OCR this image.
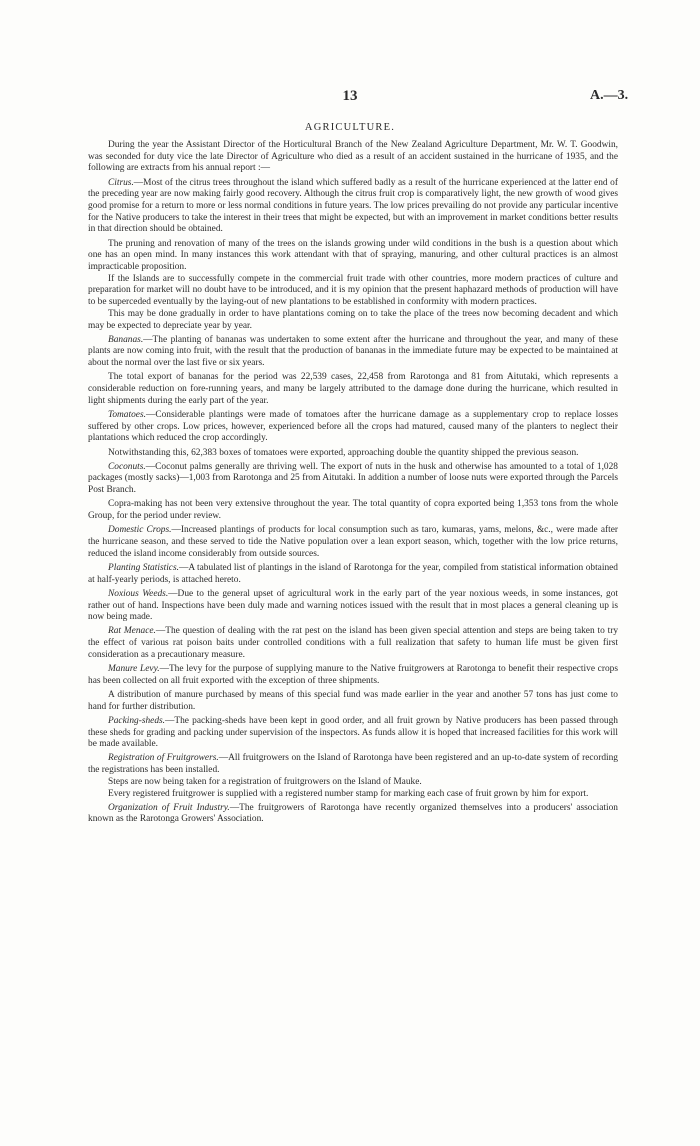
13	A.—3.
AGRICULTURE.

During the year the Assistant Director of the Horticultural Branch of the New Zealand Agriculture Department, Mr. W. T. Goodwin, was seconded for duty vice the late Director of Agriculture who died as a result of an accident sustained in the hurricane of 1935, and the following are extracts from his annual report :—

Citrus.—Most of the citrus trees throughout the island which suffered badly as a result of the hurricane experienced at the latter end of the preceding year are now making fairly good recovery. Although the citrus fruit crop is comparatively light, the new growth of wood gives good promise for a return to more or less normal conditions in future years. The low prices prevailing do not provide any particular incentive for the Native producers to take the interest in their trees that might be expected, but with an improvement in market conditions better results in that direction should be obtained.

The pruning and renovation of many of the trees on the islands growing under wild conditions in the bush is a question about which one has an open mind. In many instances this work attendant with that of spraying, manuring, and other cultural practices is an almost impracticable proposition.

If the Islands are to successfully compete in the commercial fruit trade with other countries, more modern practices of culture and preparation for market will no doubt have to be introduced, and it is my opinion that the present haphazard methods of production will have to be superceded eventually by the laying-out of new plantations to be established in conformity with modern practices.

This may be done gradually in order to have plantations coming on to take the place of the trees now becoming decadent and which may be expected to depreciate year by year.

Bananas.—The planting of bananas was undertaken to some extent after the hurricane and throughout the year, and many of these plants are now coming into fruit, with the result that the production of bananas in the immediate future may be expected to be maintained at about the normal over the last five or six years.

The total export of bananas for the period was 22,539 cases, 22,458 from Rarotonga and 81 from Aitutaki, which represents a considerable reduction on fore-running years, and many be largely attributed to the damage done during the hurricane, which resulted in light shipments during the early part of the year.

Tomatoes.—Considerable plantings were made of tomatoes after the hurricane damage as a supplementary crop to replace losses suffered by other crops. Low prices, however, experienced before all the crops had matured, caused many of the planters to neglect their plantations which reduced the crop accordingly.

Notwithstanding this, 62,383 boxes of tomatoes were exported, approaching double the quantity shipped the previous season.

Coconuts.—Coconut palms generally are thriving well. The export of nuts in the husk and otherwise has amounted to a total of 1,028 packages (mostly sacks)—1,003 from Rarotonga and 25 from Aitutaki. In addition a number of loose nuts were exported through the Parcels Post Branch.

Copra-making has not been very extensive throughout the year. The total quantity of copra exported being 1,353 tons from the whole Group, for the period under review.

Domestic Crops.—Increased plantings of products for local consumption such as taro, kumaras, yams, melons, &c., were made after the hurricane season, and these served to tide the Native population over a lean export season, which, together with the low price returns, reduced the island income considerably from outside sources.

Planting Statistics.—A tabulated list of plantings in the island of Rarotonga for the year, compiled from statistical information obtained at half-yearly periods, is attached hereto.

Noxious Weeds.—Due to the general upset of agricultural work in the early part of the year noxious weeds, in some instances, got rather out of hand. Inspections have been duly made and warning notices issued with the result that in most places a general cleaning up is now being made.

Rat Menace.—The question of dealing with the rat pest on the island has been given special attention and steps are being taken to try the effect of various rat poison baits under controlled conditions with a full realization that safety to human life must be given first consideration as a precautionary measure.

Manure Levy.—The levy for the purpose of supplying manure to the Native fruitgrowers at Rarotonga to benefit their respective crops has been collected on all fruit exported with the exception of three shipments.

A distribution of manure purchased by means of this special fund was made earlier in the year and another 57 tons has just come to hand for further distribution.

Packing-sheds.—The packing-sheds have been kept in good order, and all fruit grown by Native producers has been passed through these sheds for grading and packing under supervision of the inspectors. As funds allow it is hoped that increased facilities for this work will be made available.

Registration of Fruitgrowers.—All fruitgrowers on the Island of Rarotonga have been registered and an up-to-date system of recording the registrations has been installed.

Steps are now being taken for a registration of fruitgrowers on the Island of Mauke.

Every registered fruitgrower is supplied with a registered number stamp for marking each case of fruit grown by him for export.

Organization of Fruit Industry.—The fruitgrowers of Rarotonga have recently organized themselves into a producers' association known as the Rarotonga Growers' Association.
